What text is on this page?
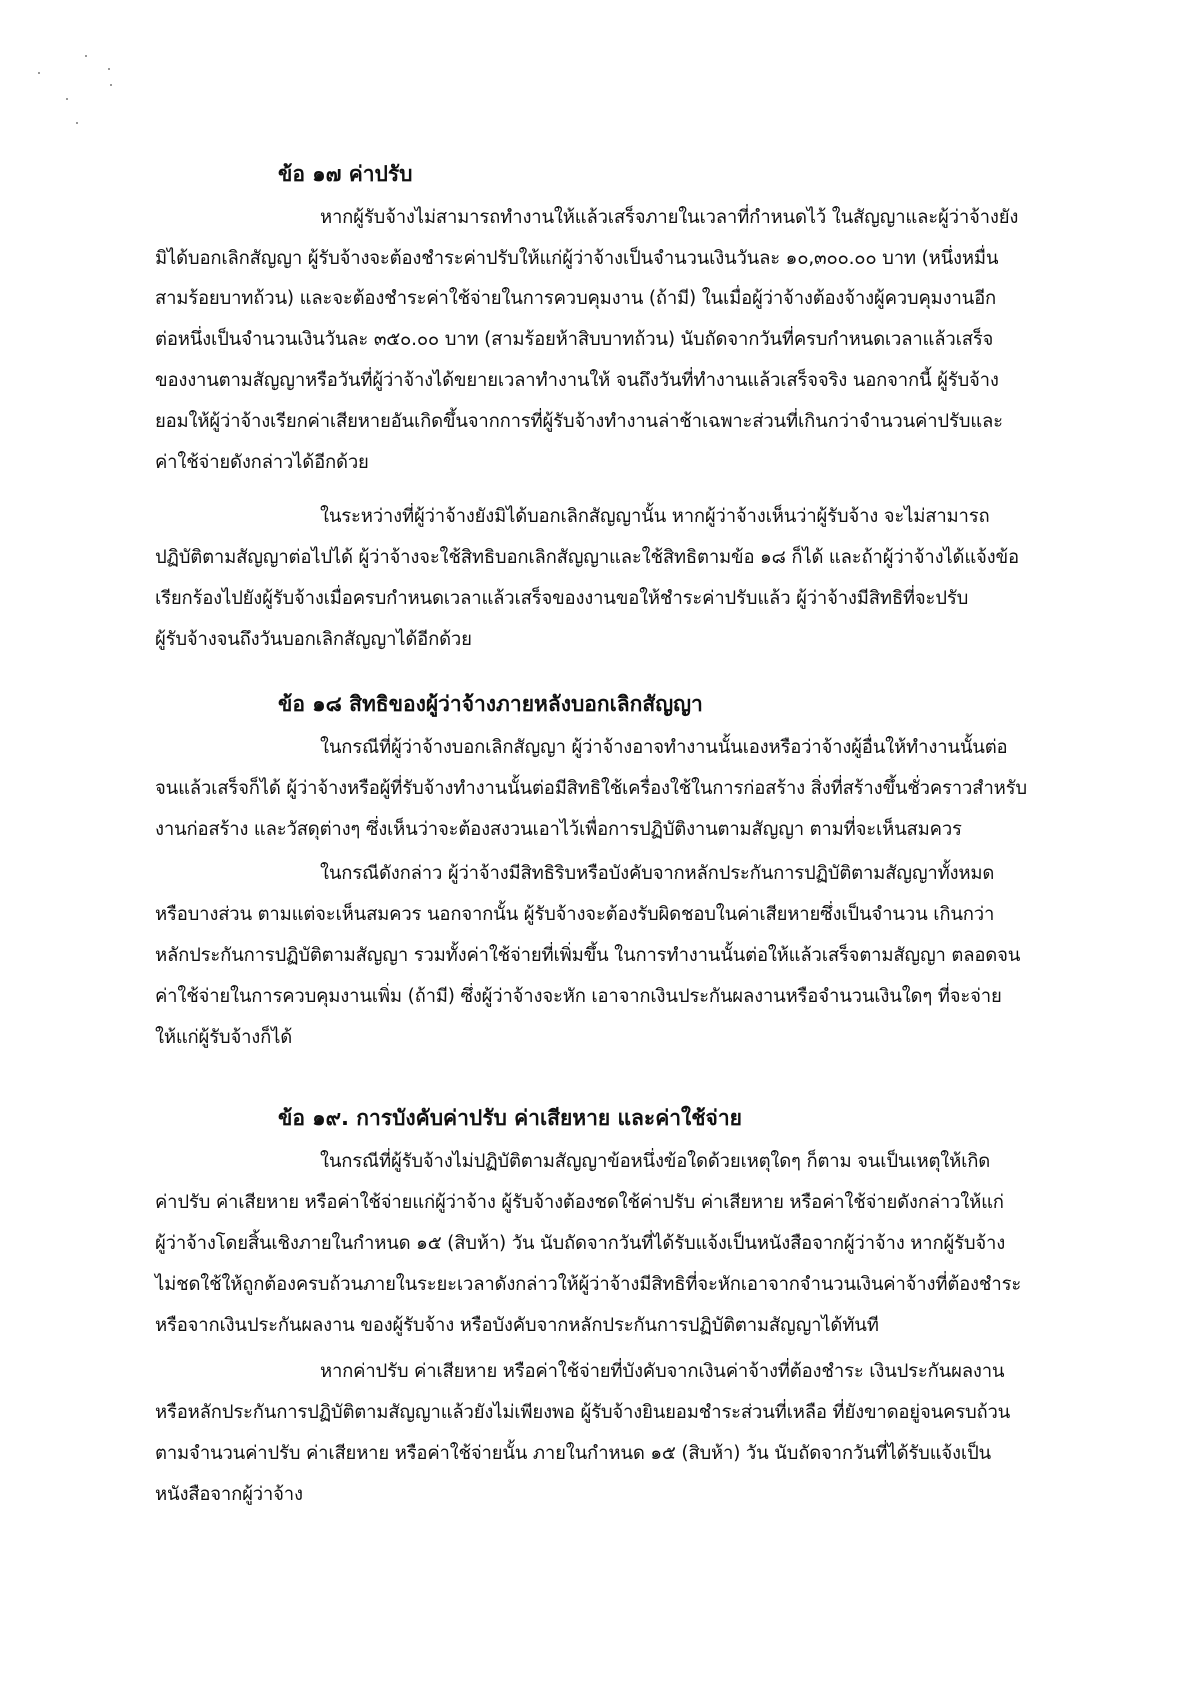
ข้อ ๑๗ ค่าปรับ
หากผู้รับจ้างไม่สามารถทำงานให้แล้วเสร็จภายในเวลาที่กำหนดไว้ ในสัญญาและผู้ว่าจ้างยัง
มิได้บอกเลิกสัญญา ผู้รับจ้างจะต้องชำระค่าปรับให้แก่ผู้ว่าจ้างเป็นจำนวนเงินวันละ ๑๐,๓๐๐.๐๐ บาท (หนึ่งหมื่น
สามร้อยบาทถ้วน) และจะต้องชำระค่าใช้จ่ายในการควบคุมงาน (ถ้ามี) ในเมื่อผู้ว่าจ้างต้องจ้างผู้ควบคุมงานอีก
ต่อหนึ่งเป็นจำนวนเงินวันละ ๓๕๐.๐๐ บาท (สามร้อยห้าสิบบาทถ้วน) นับถัดจากวันที่ครบกำหนดเวลาแล้วเสร็จ
ของงานตามสัญญาหรือวันที่ผู้ว่าจ้างได้ขยายเวลาทำงานให้ จนถึงวันที่ทำงานแล้วเสร็จจริง นอกจากนี้ ผู้รับจ้าง
ยอมให้ผู้ว่าจ้างเรียกค่าเสียหายอันเกิดขึ้นจากการที่ผู้รับจ้างทำงานล่าช้าเฉพาะส่วนที่เกินกว่าจำนวนค่าปรับและ
ค่าใช้จ่ายดังกล่าวได้อีกด้วย
ในระหว่างที่ผู้ว่าจ้างยังมิได้บอกเลิกสัญญานั้น หากผู้ว่าจ้างเห็นว่าผู้รับจ้าง จะไม่สามารถ
ปฏิบัติตามสัญญาต่อไปได้ ผู้ว่าจ้างจะใช้สิทธิบอกเลิกสัญญาและใช้สิทธิตามข้อ ๑๘ ก็ได้ และถ้าผู้ว่าจ้างได้แจ้งข้อ
เรียกร้องไปยังผู้รับจ้างเมื่อครบกำหนดเวลาแล้วเสร็จของงานขอให้ชำระค่าปรับแล้ว ผู้ว่าจ้างมีสิทธิที่จะปรับ
ผู้รับจ้างจนถึงวันบอกเลิกสัญญาได้อีกด้วย
ข้อ ๑๘ สิทธิของผู้ว่าจ้างภายหลังบอกเลิกสัญญา
ในกรณีที่ผู้ว่าจ้างบอกเลิกสัญญา ผู้ว่าจ้างอาจทำงานนั้นเองหรือว่าจ้างผู้อื่นให้ทำงานนั้นต่อ
จนแล้วเสร็จก็ได้ ผู้ว่าจ้างหรือผู้ที่รับจ้างทำงานนั้นต่อมีสิทธิใช้เครื่องใช้ในการก่อสร้าง สิ่งที่สร้างขึ้นชั่วคราวสำหรับ
งานก่อสร้าง และวัสดุต่างๆ ซึ่งเห็นว่าจะต้องสงวนเอาไว้เพื่อการปฏิบัติงานตามสัญญา ตามที่จะเห็นสมควร
ในกรณีดังกล่าว ผู้ว่าจ้างมีสิทธิริบหรือบังคับจากหลักประกันการปฏิบัติตามสัญญาทั้งหมด
หรือบางส่วน ตามแต่จะเห็นสมควร นอกจากนั้น ผู้รับจ้างจะต้องรับผิดชอบในค่าเสียหายซึ่งเป็นจำนวน เกินกว่า
หลักประกันการปฏิบัติตามสัญญา รวมทั้งค่าใช้จ่ายที่เพิ่มขึ้น ในการทำงานนั้นต่อให้แล้วเสร็จตามสัญญา ตลอดจน
ค่าใช้จ่ายในการควบคุมงานเพิ่ม (ถ้ามี) ซึ่งผู้ว่าจ้างจะหัก เอาจากเงินประกันผลงานหรือจำนวนเงินใดๆ ที่จะจ่าย
ให้แก่ผู้รับจ้างก็ได้
ข้อ ๑๙. การบังคับค่าปรับ ค่าเสียหาย และค่าใช้จ่าย
ในกรณีที่ผู้รับจ้างไม่ปฏิบัติตามสัญญาข้อหนึ่งข้อใดด้วยเหตุใดๆ ก็ตาม จนเป็นเหตุให้เกิด
ค่าปรับ ค่าเสียหาย หรือค่าใช้จ่ายแก่ผู้ว่าจ้าง ผู้รับจ้างต้องชดใช้ค่าปรับ ค่าเสียหาย หรือค่าใช้จ่ายดังกล่าวให้แก่
ผู้ว่าจ้างโดยสิ้นเชิงภายในกำหนด ๑๕ (สิบห้า) วัน นับถัดจากวันที่ได้รับแจ้งเป็นหนังสือจากผู้ว่าจ้าง หากผู้รับจ้าง
ไม่ชดใช้ให้ถูกต้องครบถ้วนภายในระยะเวลาดังกล่าวให้ผู้ว่าจ้างมีสิทธิที่จะหักเอาจากจำนวนเงินค่าจ้างที่ต้องชำระ
หรือจากเงินประกันผลงาน ของผู้รับจ้าง หรือบังคับจากหลักประกันการปฏิบัติตามสัญญาได้ทันที
หากค่าปรับ ค่าเสียหาย หรือค่าใช้จ่ายที่บังคับจากเงินค่าจ้างที่ต้องชำระ เงินประกันผลงาน
หรือหลักประกันการปฏิบัติตามสัญญาแล้วยังไม่เพียงพอ ผู้รับจ้างยินยอมชำระส่วนที่เหลือ ที่ยังขาดอยู่จนครบถ้วน
ตามจำนวนค่าปรับ ค่าเสียหาย หรือค่าใช้จ่ายนั้น ภายในกำหนด ๑๕ (สิบห้า) วัน นับถัดจากวันที่ได้รับแจ้งเป็น
หนังสือจากผู้ว่าจ้าง
